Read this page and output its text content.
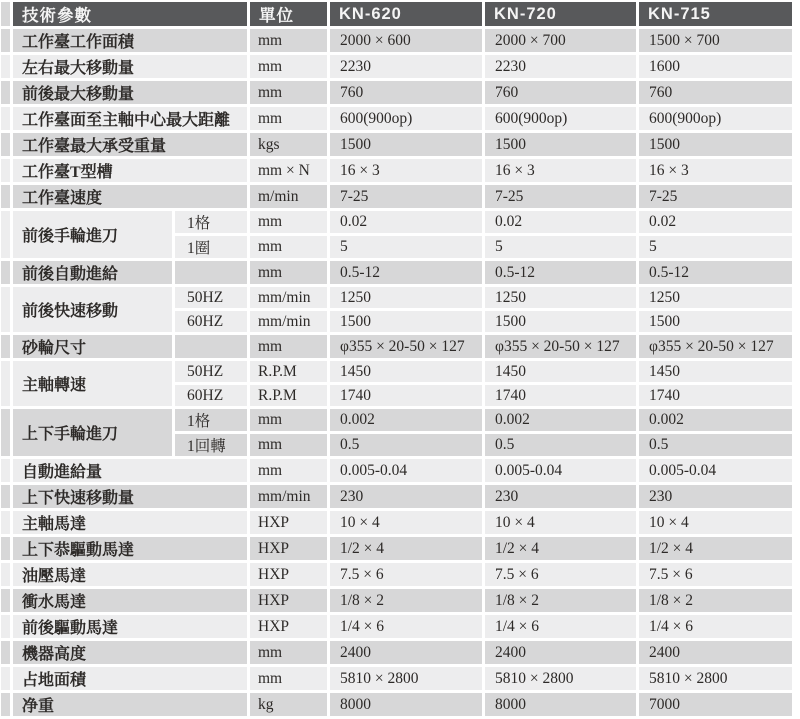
	技術參數		單位	KN-620	KN-720	KN-715
	工作臺工作面積		mm	2000 × 600	2000 × 700	1500 × 700
	左右最大移動量		mm	2230	2230	1600
	前後最大移動量		mm	760	760	760
	工作臺面至主軸中心最大距離		mm	600(900op)	600(900op)	600(900op)
	工作臺最大承受重量		kgs	1500	1500	1500
	工作臺T型槽		mm × N	16 × 3	16 × 3	16 × 3
	工作臺速度		m/min	7-25	7-25	7-25
	前後手輪進刀	1格	mm	0.02	0.02	0.02
		1圈	mm	5	5	5
	前後自動進給		mm	0.5-12	0.5-12	0.5-12
	前後快速移動	50HZ	mm/min	1250	1250	1250
		60HZ	mm/min	1500	1500	1500
	砂輪尺寸		mm	φ355 × 20-50 × 127	φ355 × 20-50 × 127	φ355 × 20-50 × 127
	主軸轉速	50HZ	R.P.M	1450	1450	1450
		60HZ	R.P.M	1740	1740	1740
	上下手輪進刀	1格	mm	0.002	0.002	0.002
		1回轉	mm	0.5	0.5	0.5
	自動進給量		mm	0.005-0.04	0.005-0.04	0.005-0.04
	上下快速移動量		mm/min	230	230	230
	主軸馬達		HXP	10 × 4	10 × 4	10 × 4
	上下恭驅動馬達		HXP	1/2 × 4	1/2 × 4	1/2 × 4
	油壓馬達		HXP	7.5 × 6	7.5 × 6	7.5 × 6
	衝水馬達		HXP	1/8 × 2	1/8 × 2	1/8 × 2
	前後驅動馬達		HXP	1/4 × 6	1/4 × 6	1/4 × 6
	機器高度		mm	2400	2400	2400
	占地面積		mm	5810 × 2800	5810 × 2800	5810 × 2800
	净重		kg	8000	8000	7000
